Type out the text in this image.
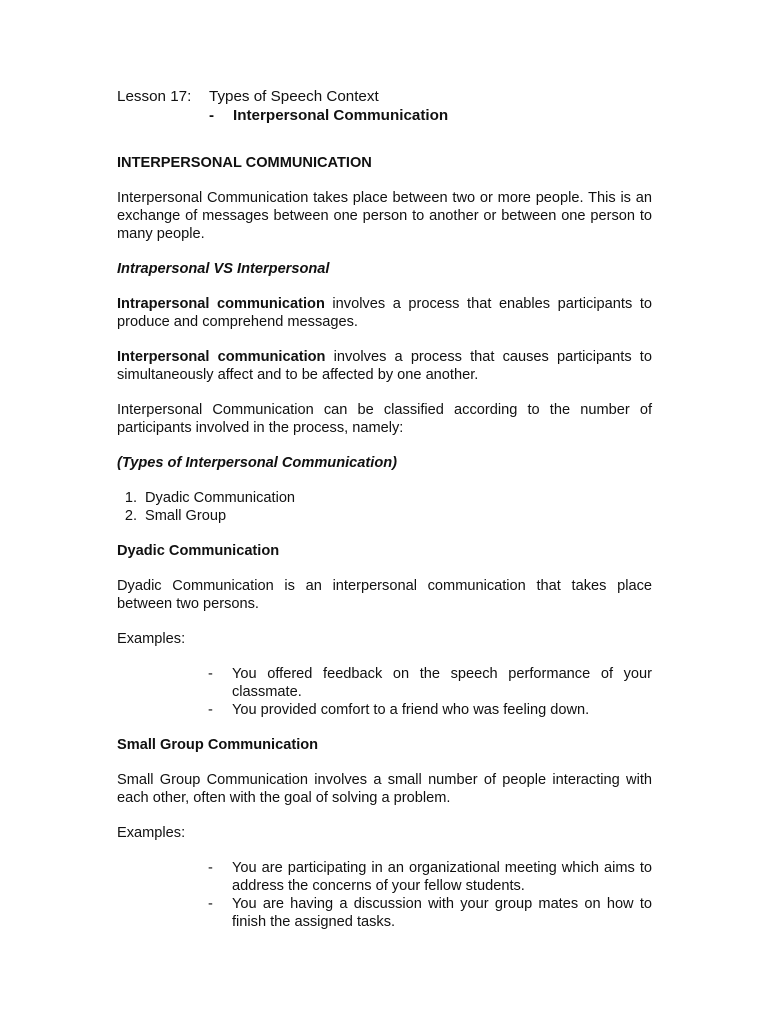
Lesson 17:	Types of Speech Context
-	Interpersonal Communication

INTERPERSONAL COMMUNICATION

Interpersonal Communication takes place between two or more people. This is an exchange of messages between one person to another or between one person to many people.

Intrapersonal VS Interpersonal

Intrapersonal communication involves a process that enables participants to produce and comprehend messages.

Interpersonal communication involves a process that causes participants to simultaneously affect and to be affected by one another.

Interpersonal Communication can be classified according to the number of participants involved in the process, namely:

(Types of Interpersonal Communication)

1. Dyadic Communication
2. Small Group

Dyadic Communication

Dyadic Communication is an interpersonal communication that takes place between two persons.

Examples:

-	You offered feedback on the speech performance of your classmate.
-	You provided comfort to a friend who was feeling down.

Small Group Communication

Small Group Communication involves a small number of people interacting with each other, often with the goal of solving a problem.

Examples:

-	You are participating in an organizational meeting which aims to address the concerns of your fellow students.
-	You are having a discussion with your group mates on how to finish the assigned tasks.
